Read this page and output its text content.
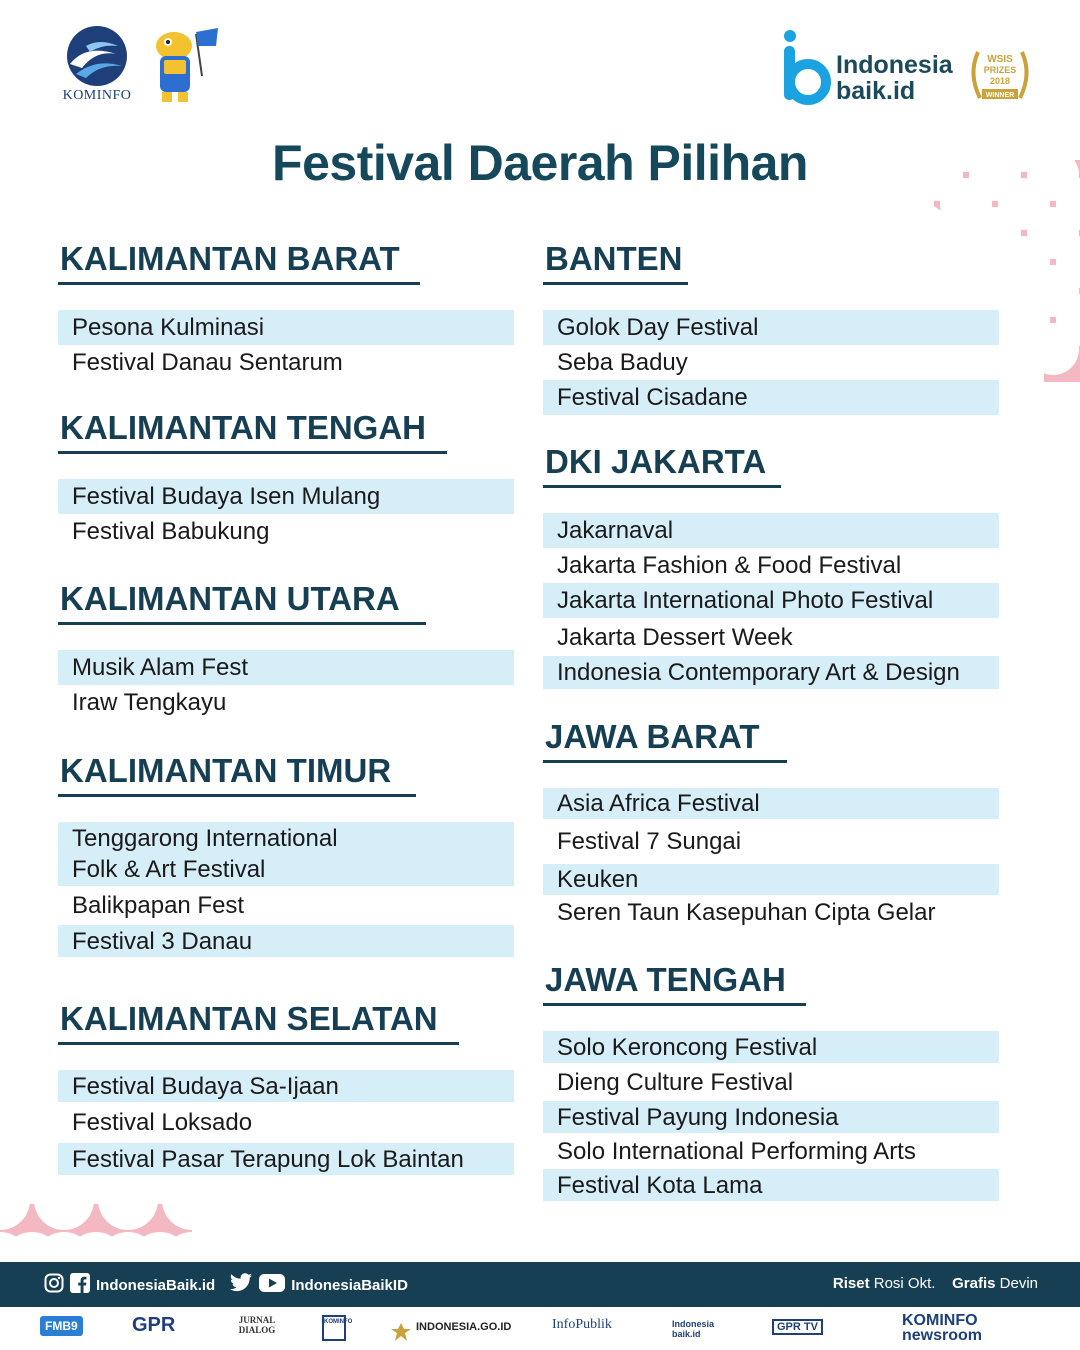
KOMINFO
Indonesia
baik.id
WSIS
PRIZES
2018
WINNER
Festival Daerah Pilihan
KALIMANTAN BARAT
Pesona Kulminasi
Festival Danau Sentarum
KALIMANTAN TENGAH
Festival Budaya Isen Mulang
Festival Babukung
KALIMANTAN UTARA
Musik Alam Fest
Iraw Tengkayu
KALIMANTAN TIMUR
Tenggarong International Folk & Art Festival
Balikpapan Fest
Festival 3 Danau
KALIMANTAN SELATAN
Festival Budaya Sa-Ijaan
Festival Loksado
Festival Pasar Terapung Lok Baintan
BANTEN
Golok Day Festival
Seba Baduy
Festival Cisadane
DKI JAKARTA
Jakarnaval
Jakarta Fashion & Food Festival
Jakarta International Photo Festival
Jakarta Dessert Week
Indonesia Contemporary Art & Design
JAWA BARAT
Asia Africa Festival
Festival 7 Sungai
Keuken
Seren Taun Kasepuhan Cipta Gelar
JAWA TENGAH
Solo Keroncong Festival
Dieng Culture Festival
Festival Payung Indonesia
Solo International Performing Arts
Festival Kota Lama
IndonesiaBaik.id	IndonesiaBaikID	Riset Rosi Okt. Grafis Devin
FMB9	GPR	JURNAL DIALOG
KOMINFO	INDONESIA.GO.ID	InfoPublik	Indonesia baik.id
GPR TV	KOMINFO newsroom
